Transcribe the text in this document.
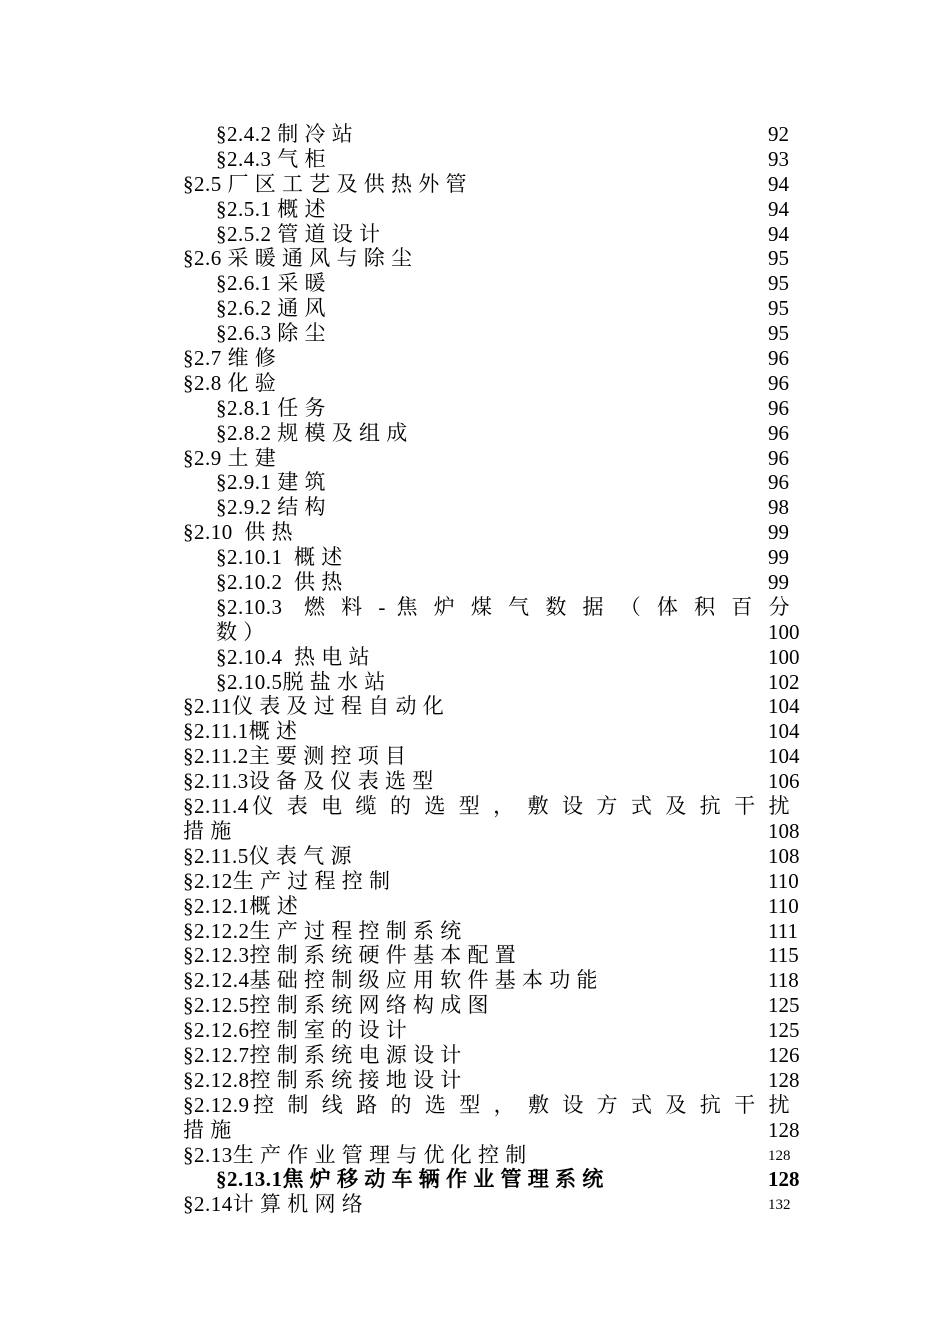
§2.4.2 制 冷 站	92
§2.4.3 气 柜	93
§2.5 厂 区 工 艺 及 供 热 外 管	94
§2.5.1 概 述	94
§2.5.2 管 道 设 计	94
§2.6 采 暖 通 风 与 除 尘	95
§2.6.1 采 暖	95
§2.6.2 通 风	95
§2.6.3 除 尘	95
§2.7 维 修	96
§2.8 化 验	96
§2.8.1 任 务	96
§2.8.2 规 模 及 组 成	96
§2.9 土 建	96
§2.9.1 建 筑	96
§2.9.2 结 构	98
§2.10  供 热	99
§2.10.1  概 述	99
§2.10.2  供 热	99
§2.10.3  燃 料 - 焦 炉 煤 气 数 据 （ 体 积 百 分
数 ）	100
§2.10.4  热 电 站	100
§2.10.5脱 盐 水 站	102
§2.11仪 表 及 过 程 自 动 化	104
§2.11.1概 述	104
§2.11.2主 要 测 控 项 目	104
§2.11.3设 备 及 仪 表 选 型	106
§2.11.4仪 表 电 缆 的 选 型 ， 敷 设 方 式 及 抗 干 扰
措 施	108
§2.11.5仪 表 气 源	108
§2.12生 产 过 程 控 制	110
§2.12.1概 述	110
§2.12.2生 产 过 程 控 制 系 统	111
§2.12.3控 制 系 统 硬 件 基 本 配 置	115
§2.12.4基 础 控 制 级 应 用 软 件 基 本 功 能	118
§2.12.5控 制 系 统 网 络 构 成 图	125
§2.12.6控 制 室 的 设 计	125
§2.12.7控 制 系 统 电 源 设 计	126
§2.12.8控 制 系 统 接 地 设 计	128
§2.12.9控 制 线 路 的 选 型 ， 敷 设 方 式 及 抗 干 扰
措 施	128
§2.13生 产 作 业 管 理 与 优 化 控 制	128
§2.13.1焦 炉 移 动 车 辆 作 业 管 理 系 统	128
§2.14计 算 机 网 络	132
